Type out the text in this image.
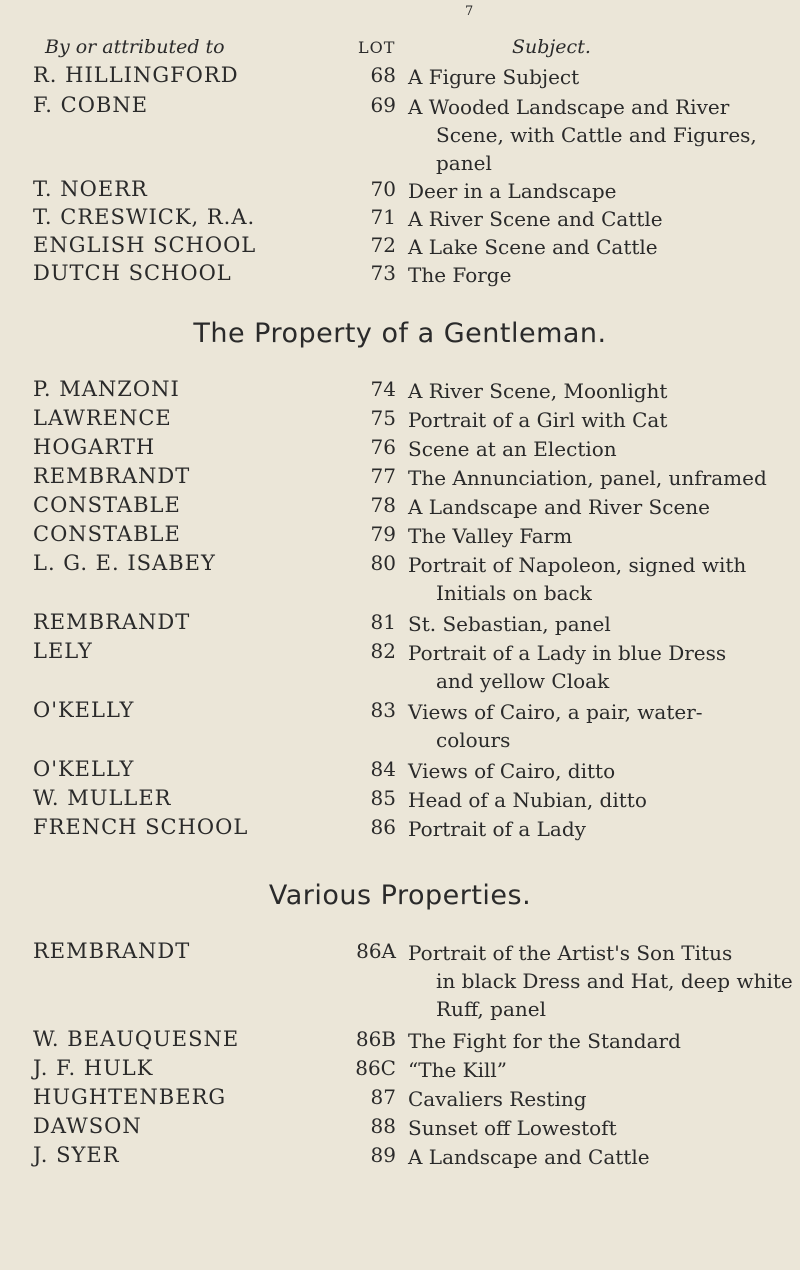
7
By or attributed to	LOT	Subject.
R. HILLINGFORD	68 A Figure Subject
F. COBNE	69 A Wooded Landscape and River
Scene, with Cattle and Figures, panel
T. NOERR	70 Deer in a Landscape
T. CRESWICK, R.A.	71 A River Scene and Cattle
ENGLISH SCHOOL	72 A Lake Scene and Cattle
DUTCH SCHOOL	73 The Forge
The Property of a Gentleman.
P. MANZONI	74 A River Scene, Moonlight
LAWRENCE	75 Portrait of a Girl with Cat
HOGARTH	76 Scene at an Election
REMBRANDT	77 The Annunciation, panel, unframed
CONSTABLE	78 A Landscape and River Scene
CONSTABLE	79 The Valley Farm
L. G. E. ISABEY	80 Portrait of Napoleon, signed with
Initials on back
REMBRANDT	81 St. Sebastian, panel
LELY	82 Portrait of a Lady in blue Dress
and yellow Cloak
O'KELLY	83 Views of Cairo, a pair, water-
colours
O'KELLY	84 Views of Cairo, ditto
W. MULLER	85 Head of a Nubian, ditto
FRENCH SCHOOL	86 Portrait of a Lady
Various Properties.
REMBRANDT	86A Portrait of the Artist's Son Titus
in black Dress and Hat, deep white Ruff, panel
W. BEAUQUESNE	86B The Fight for the Standard
J. F. HULK	86C “The Kill”
HUGHTENBERG	87 Cavaliers Resting
DAWSON	88 Sunset off Lowestoft
J. SYER	89 A Landscape and Cattle
